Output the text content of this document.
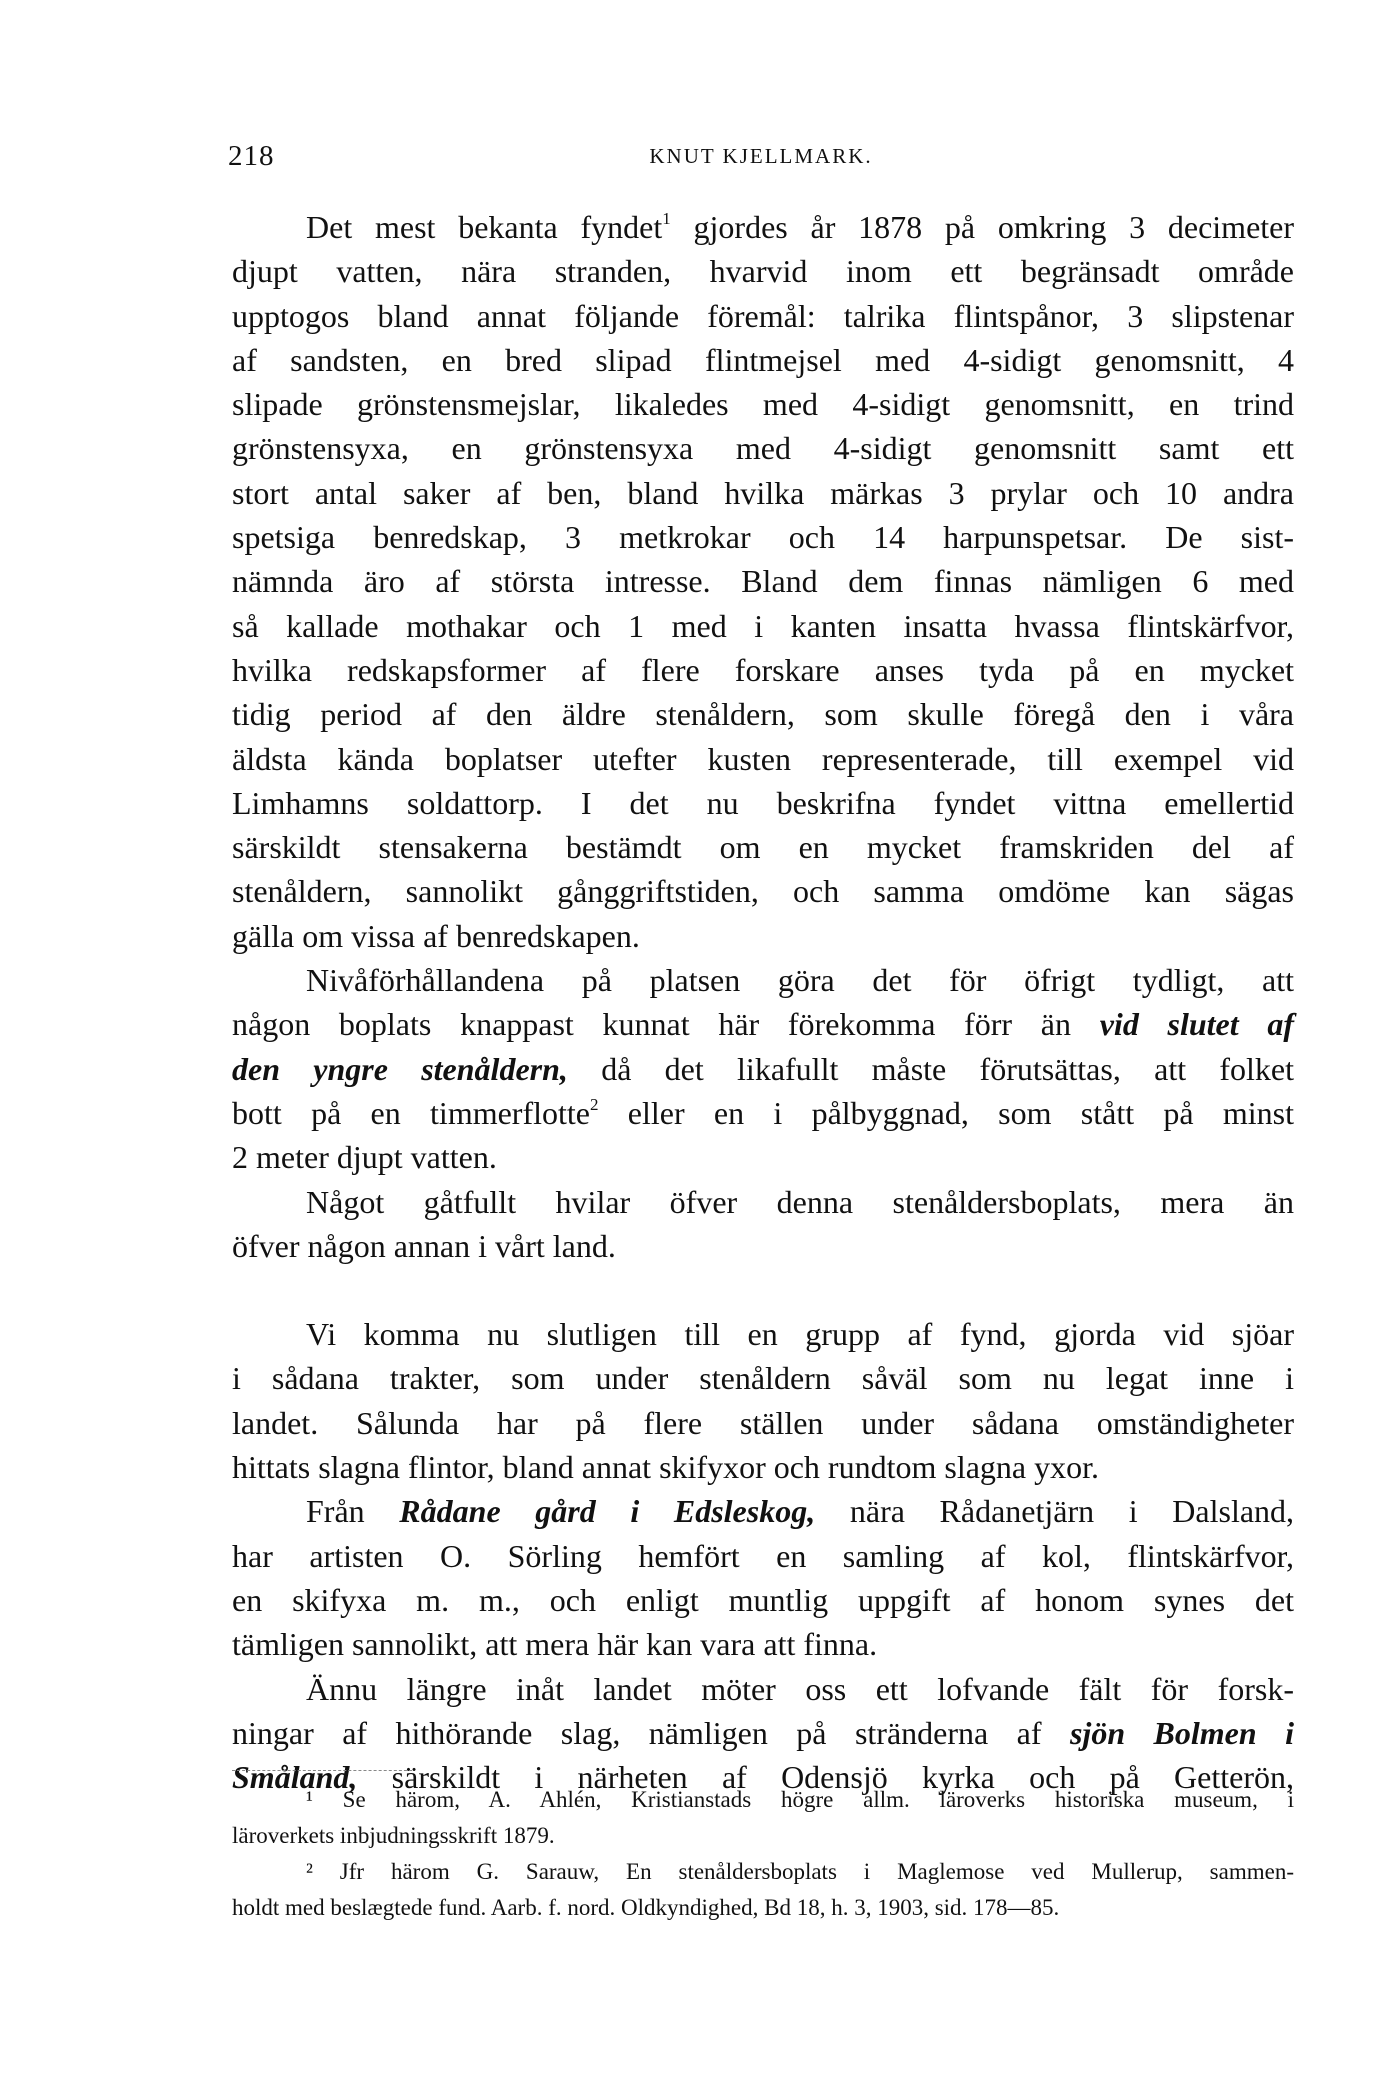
218	KNUT KJELLMARK.
Det mest bekanta fyndet$^1$ gjordes år 1878 på omkring 3 decimeter
djupt vatten, nära stranden, hvarvid inom ett begränsadt område
upptogos bland annat följande föremål: talrika flintspånor, 3 slipstenar
af sandsten, en bred slipad flintmejsel med 4-sidigt genomsnitt, 4
slipade grönstensmejslar, likaledes med 4-sidigt genomsnitt, en trind
grönstensyxa, en grönstensyxa med 4-sidigt genomsnitt samt ett
stort antal saker af ben, bland hvilka märkas 3 prylar och 10 andra
spetsiga benredskap, 3 metkrokar och 14 harpunspetsar. De sist-
nämnda äro af största intresse. Bland dem finnas nämligen 6 med
så kallade mothakar och 1 med i kanten insatta hvassa flintskärfvor,
hvilka redskapsformer af flere forskare anses tyda på en mycket
tidig period af den äldre stenåldern, som skulle föregå den i våra
äldsta kända boplatser utefter kusten representerade, till exempel vid
Limhamns soldattorp. I det nu beskrifna fyndet vittna emellertid
särskildt stensakerna bestämdt om en mycket framskriden del af
stenåldern, sannolikt gånggriftstiden, och samma omdöme kan sägas
gälla om vissa af benredskapen.
Nivåförhållandena på platsen göra det för öfrigt tydligt, att
någon boplats knappast kunnat här förekomma förr än vid slutet af
den yngre stenåldern, då det likafullt måste förutsättas, att folket
bott på en timmerflotte$^2$ eller en i pålbyggnad, som stått på minst
2 meter djupt vatten.
Något gåtfullt hvilar öfver denna stenåldersboplats, mera än
öfver någon annan i vårt land.
Vi komma nu slutligen till en grupp af fynd, gjorda vid sjöar
i sådana trakter, som under stenåldern såväl som nu legat inne i
landet. Sålunda har på flere ställen under sådana omständigheter
hittats slagna flintor, bland annat skifyxor och rundtom slagna yxor.
Från Rådane gård i Edsleskog, nära Rådanetjärn i Dalsland,
har artisten O. Sörling hemfört en samling af kol, flintskärfvor,
en skifyxa m. m., och enligt muntlig uppgift af honom synes det
tämligen sannolikt, att mera här kan vara att finna.
Ännu längre inåt landet möter oss ett lofvande fält för forsk-
ningar af hithörande slag, nämligen på stränderna af sjön Bolmen i
Småland, särskildt i närheten af Odensjö kyrka och på Getterön,
¹ Se härom, A. Ahlén, Kristianstads högre allm. läroverks historiska museum, i
läroverkets inbjudningsskrift 1879.
² Jfr härom G. Sarauw, En stenåldersboplats i Maglemose ved Mullerup, sammen-
holdt med beslægtede fund. Aarb. f. nord. Oldkyndighed, Bd 18, h. 3, 1903, sid. 178—85.
